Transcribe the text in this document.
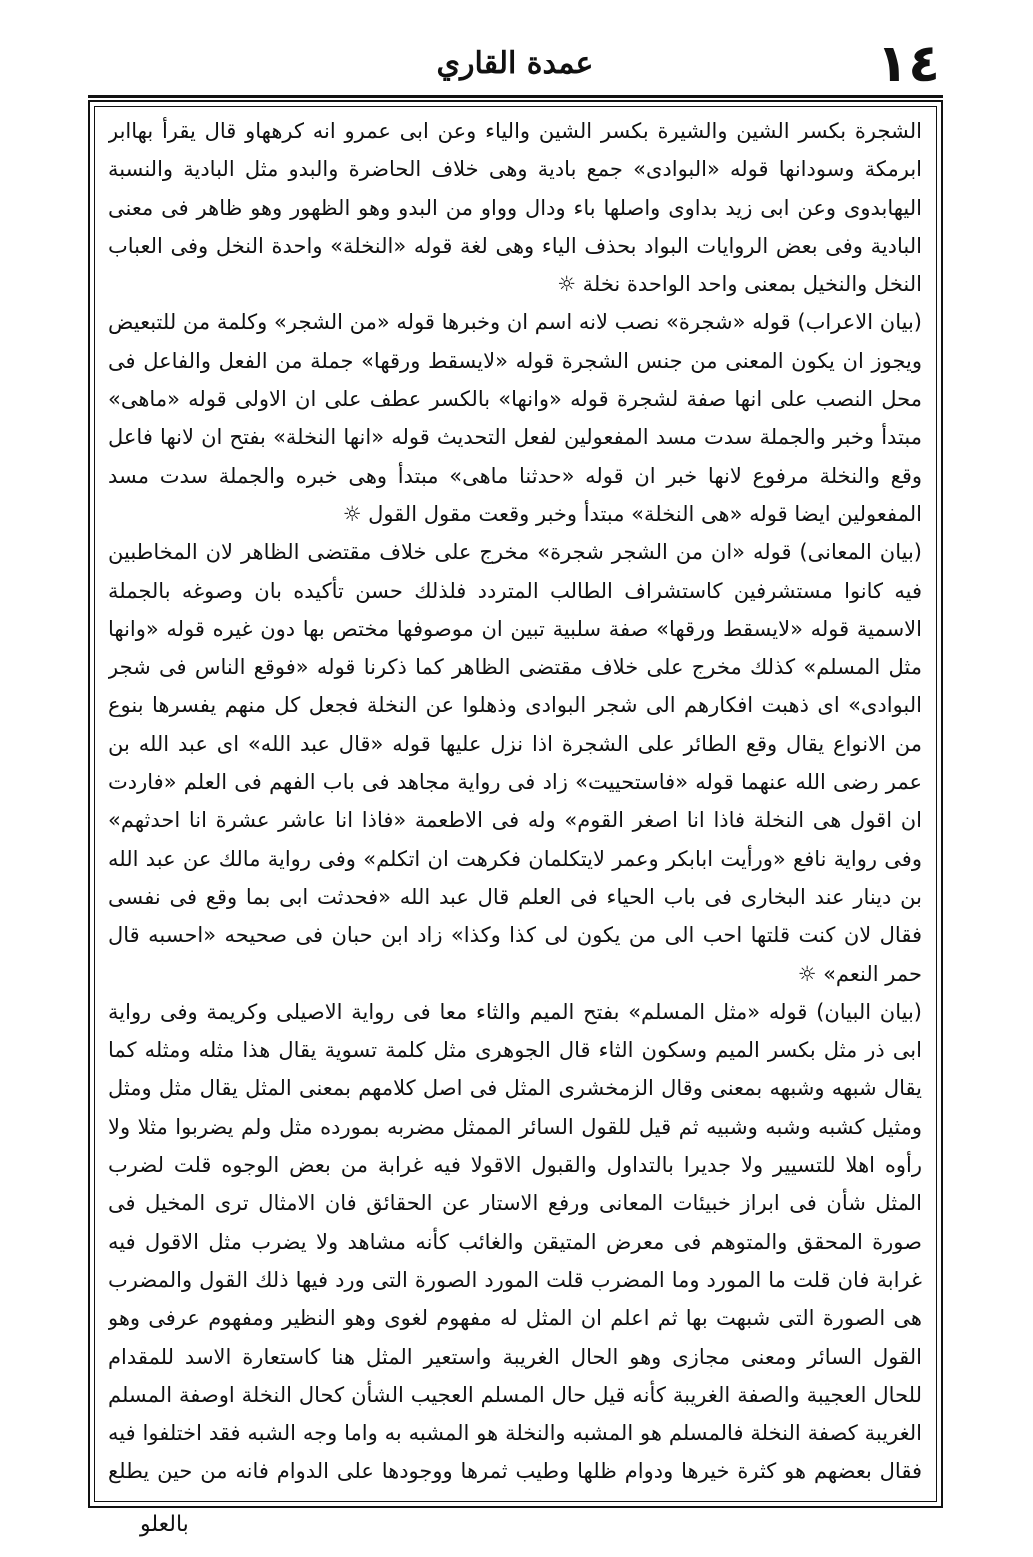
١٤
عمدة القاري

الشجرة بكسر الشين والشيرة بكسر الشين والياء وعن ابى عمرو انه كرههاو قال يقرأ بهاابر ابرمكة وسودانها قوله «البوادى» جمع بادية وهى خلاف الحاضرة والبدو مثل البادية والنسبة اليهابدوى وعن ابى زيد بداوى واصلها باء ودال وواو من البدو وهو الظهور وهو ظاهر فى معنى البادية وفى بعض الروايات البواد بحذف الياء وهى لغة قوله «النخلة» واحدة النخل وفى العباب النخل والنخيل بمعنى واحد الواحدة نخلة ☼

(بيان الاعراب) قوله «شجرة» نصب لانه اسم ان وخبرها قوله «من الشجر» وكلمة من للتبعيض ويجوز ان يكون المعنى من جنس الشجرة قوله «لايسقط ورقها» جملة من الفعل والفاعل فى محل النصب على انها صفة لشجرة قوله «وانها» بالكسر عطف على ان الاولى قوله «ماهى» مبتدأ وخبر والجملة سدت مسد المفعولين لفعل التحديث قوله «انها النخلة» بفتح ان لانها فاعل وقع والنخلة مرفوع لانها خبر ان قوله «حدثنا ماهى» مبتدأ وهى خبره والجملة سدت مسد المفعولين ايضا قوله «هى النخلة» مبتدأ وخبر وقعت مقول القول ☼

(بيان المعانى) قوله «ان من الشجر شجرة» مخرج على خلاف مقتضى الظاهر لان المخاطبين فيه كانوا مستشرفين كاستشراف الطالب المتردد فلذلك حسن تأكيده بان وصوغه بالجملة الاسمية قوله «لايسقط ورقها» صفة سلبية تبين ان موصوفها مختص بها دون غيره قوله «وانها مثل المسلم» كذلك مخرج على خلاف مقتضى الظاهر كما ذكرنا قوله «فوقع الناس فى شجر البوادى» اى ذهبت افكارهم الى شجر البوادى وذهلوا عن النخلة فجعل كل منهم يفسرها بنوع من الانواع يقال وقع الطائر على الشجرة اذا نزل عليها قوله «قال عبد الله» اى عبد الله بن عمر رضى الله عنهما قوله «فاستحييت» زاد فى رواية مجاهد فى باب الفهم فى العلم «فاردت ان اقول هى النخلة فاذا انا اصغر القوم» وله فى الاطعمة «فاذا انا عاشر عشرة انا احدثهم» وفى رواية نافع «ورأيت ابابكر وعمر لايتكلمان فكرهت ان اتكلم» وفى رواية مالك عن عبد الله بن دينار عند البخارى فى باب الحياء فى العلم قال عبد الله «فحدثت ابى بما وقع فى نفسى فقال لان كنت قلتها احب الى من يكون لى كذا وكذا» زاد ابن حبان فى صحيحه «احسبه قال حمر النعم» ☼

(بيان البيان) قوله «مثل المسلم» بفتح الميم والثاء معا فى رواية الاصيلى وكريمة وفى رواية ابى ذر مثل بكسر الميم وسكون الثاء قال الجوهرى مثل كلمة تسوية يقال هذا مثله ومثله كما يقال شبهه وشبهه بمعنى وقال الزمخشرى المثل فى اصل كلامهم بمعنى المثل يقال مثل ومثل ومثيل كشبه وشبه وشبيه ثم قيل للقول السائر الممثل مضربه بمورده مثل ولم يضربوا مثلا ولا رأوه اهلا للتسيير ولا جديرا بالتداول والقبول الاقولا فيه غرابة من بعض الوجوه قلت لضرب المثل شأن فى ابراز خبيئات المعانى ورفع الاستار عن الحقائق فان الامثال ترى المخيل فى صورة المحقق والمتوهم فى معرض المتيقن والغائب كأنه مشاهد ولا يضرب مثل الاقول فيه غرابة فان قلت ما المورد وما المضرب قلت المورد الصورة التى ورد فيها ذلك القول والمضرب هى الصورة التى شبهت بها ثم اعلم ان المثل له مفهوم لغوى وهو النظير ومفهوم عرفى وهو القول السائر ومعنى مجازى وهو الحال الغريبة واستعير المثل هنا كاستعارة الاسد للمقدام للحال العجيبة والصفة الغريبة كأنه قيل حال المسلم العجيب الشأن كحال النخلة اوصفة المسلم الغريبة كصفة النخلة فالمسلم هو المشبه والنخلة هو المشبه به واما وجه الشبه فقد اختلفوا فيه فقال بعضهم هو كثرة خيرها ودوام ظلها وطيب ثمرها ووجودها على الدوام فانه من حين يطلع

بالعلو
